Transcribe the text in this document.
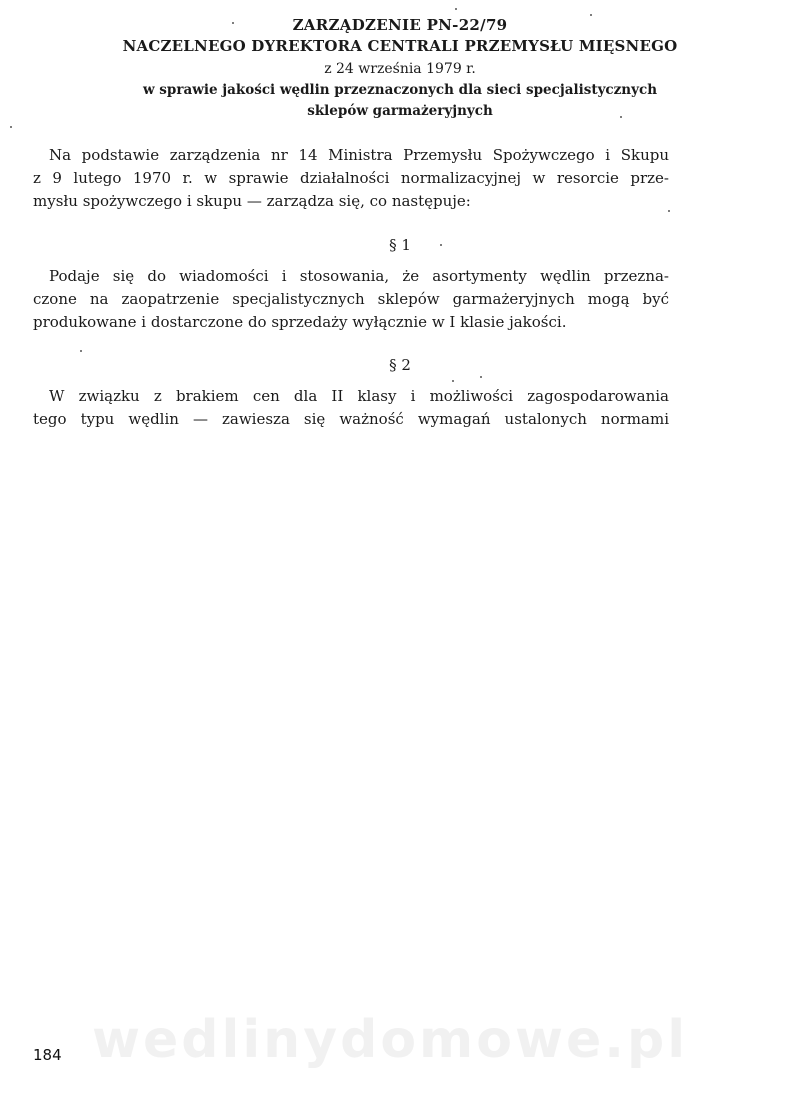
ZARZĄDZENIE PN-22/79
NACZELNEGO DYREKTORA CENTRALI PRZEMYSŁU MIĘSNEGO
z 24 września 1979 r.
w sprawie jakości wędlin przeznaczonych dla sieci specjalistycznych
sklepów garmażeryjnych
Na podstawie zarządzenia nr 14 Ministra Przemysłu Spożywczego i Skupu
z 9 lutego 1970 r. w sprawie działalności normalizacyjnej w resorcie prze-
mysłu spożywczego i skupu — zarządza się, co następuje:
§ 1
Podaje się do wiadomości i stosowania, że asortymenty wędlin przezna-
czone na zaopatrzenie specjalistycznych sklepów garmażeryjnych mogą być
produkowane i dostarczone do sprzedaży wyłącznie w I klasie jakości.
§ 2
W związku z brakiem cen dla II klasy i możliwości zagospodarowania
tego typu wędlin — zawiesza się ważność wymagań ustalonych normami
wedlinydomowe.pl
184
